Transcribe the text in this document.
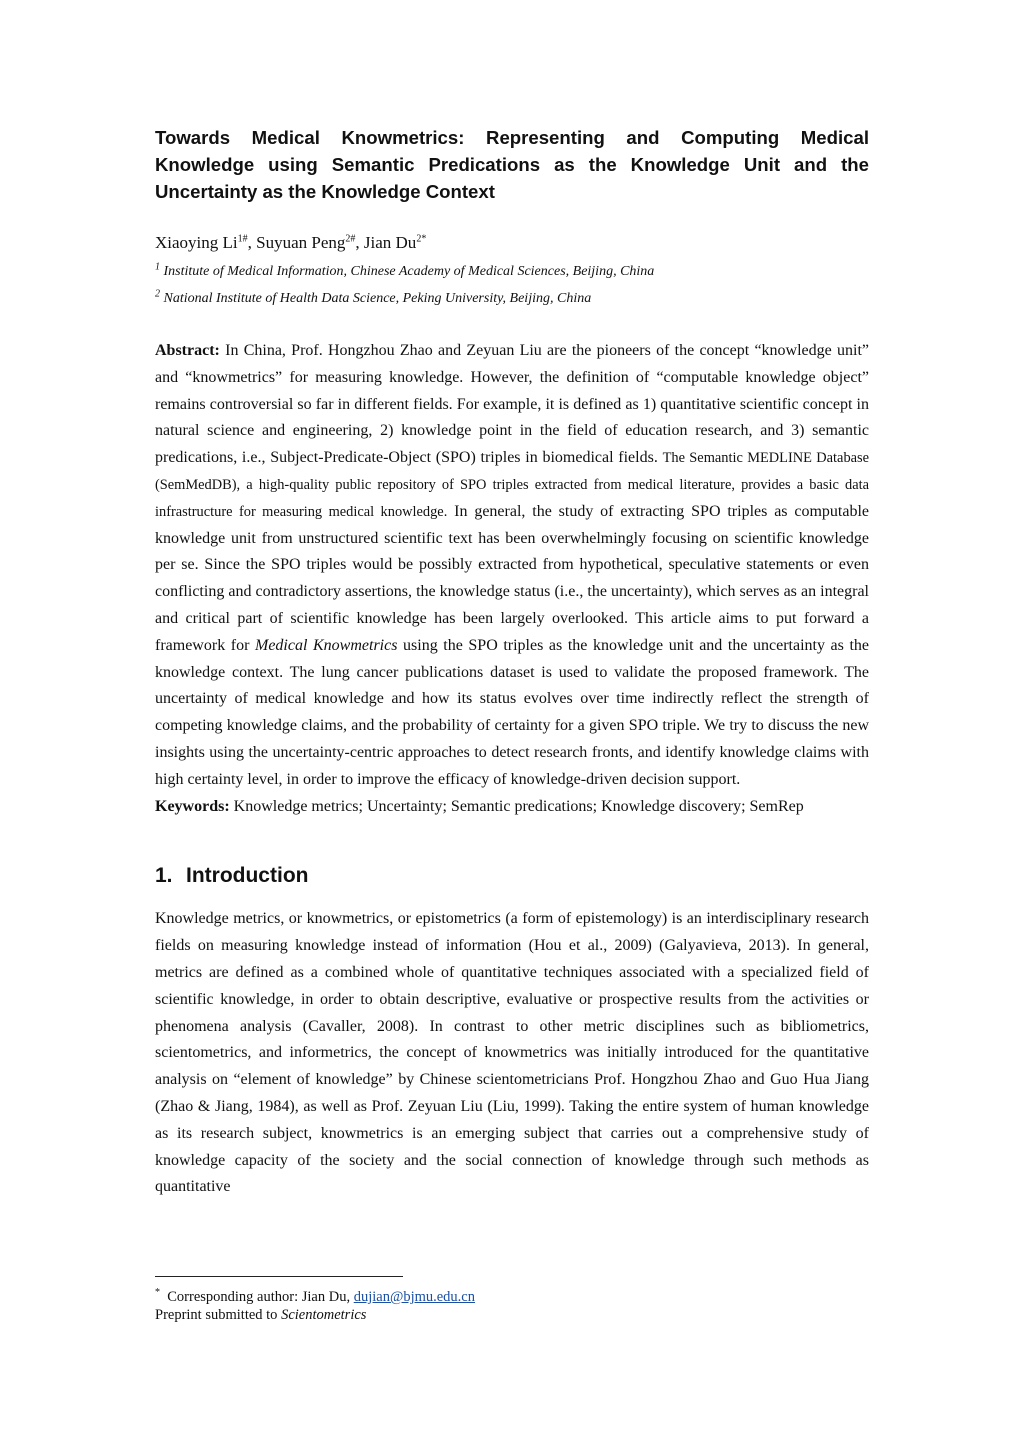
Towards Medical Knowmetrics: Representing and Computing Medical Knowledge using Semantic Predications as the Knowledge Unit and the Uncertainty as the Knowledge Context
Xiaoying $Li^{1\#}$, Suyuan Peng$^{2\#}$, Jian $Du^{2*}$
$^1$ Institute of Medical Information, Chinese Academy of Medical Sciences, Beijing, China
$^2$ National Institute of Health Data Science, Peking University, Beijing, China

Abstract: In China, Prof. Hongzhou Zhao and Zeyuan Liu are the pioneers of the concept “knowledge unit” and “knowmetrics” for measuring knowledge. However, the definition of “computable knowledge object” remains controversial so far in different fields. For example, it is defined as 1) quantitative scientific concept in natural science and engineering, 2) knowledge point in the field of education research, and 3) semantic predications, i.e., Subject-Predicate-Object (SPO) triples in biomedical fields. The Semantic MEDLINE Database (SemMedDB), a high-quality public repository of SPO triples extracted from medical literature, provides a basic data infrastructure for measuring medical knowledge. In general, the study of extracting SPO triples as computable knowledge unit from unstructured scientific text has been overwhelmingly focusing on scientific knowledge per se. Since the SPO triples would be possibly extracted from hypothetical, speculative statements or even conflicting and contradictory assertions, the knowledge status (i.e., the uncertainty), which serves as an integral and critical part of scientific knowledge has been largely overlooked. This article aims to put forward a framework for Medical Knowmetrics using the SPO triples as the knowledge unit and the uncertainty as the knowledge context. The lung cancer publications dataset is used to validate the proposed framework. The uncertainty of medical knowledge and how its status evolves over time indirectly reflect the strength of competing knowledge claims, and the probability of certainty for a given SPO triple. We try to discuss the new insights using the uncertainty-centric approaches to detect research fronts, and identify knowledge claims with high certainty level, in order to improve the efficacy of knowledge-driven decision support.

Keywords: Knowledge metrics; Uncertainty; Semantic predications; Knowledge discovery; SemRep

1. Introduction

Knowledge metrics, or knowmetrics, or epistometrics (a form of epistemology) is an interdisciplinary research fields on measuring knowledge instead of information (Hou et al., 2009) (Galyavieva, 2013). In general, metrics are defined as a combined whole of quantitative techniques associated with a specialized field of scientific knowledge, in order to obtain descriptive, evaluative or prospective results from the activities or phenomena analysis (Cavaller, 2008). In contrast to other metric disciplines such as bibliometrics, scientometrics, and informetrics, the concept of knowmetrics was initially introduced for the quantitative analysis on “element of knowledge” by Chinese scientometricians Prof. Hongzhou Zhao and Guo Hua Jiang (Zhao & Jiang, 1984), as well as Prof. Zeyuan Liu (Liu, 1999). Taking the entire system of human knowledge as its research subject, knowmetrics is an emerging subject that carries out a comprehensive study of knowledge capacity of the society and the social connection of knowledge through such methods as quantitative

* Corresponding author: Jian Du, dujian@bjmu.edu.cn
Preprint submitted to Scientometrics
